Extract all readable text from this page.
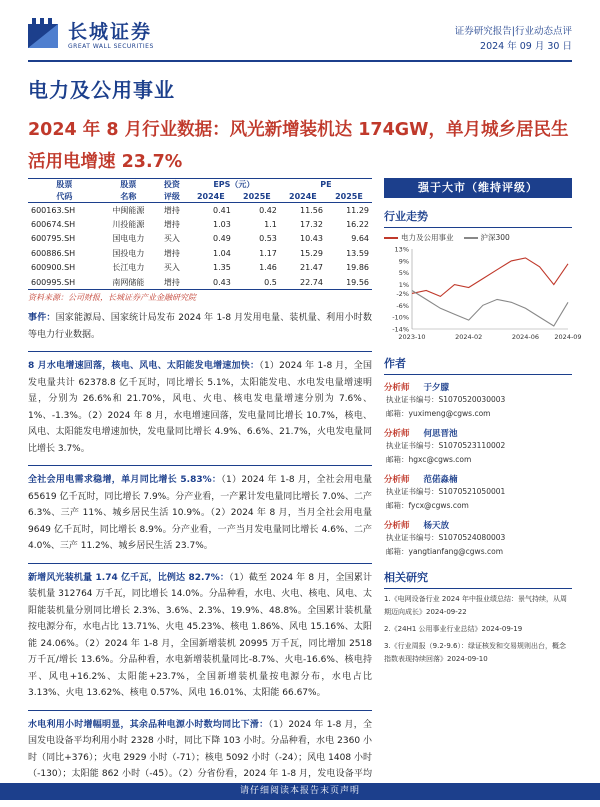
长城证券
GREAT WALL SECURITIES
证券研究报告|行业动态点评
2024 年 09 月 30 日
电力及公用事业
2024 年 8 月行业数据：风光新增装机达 174GW，单月城乡居民生活用电增速 23.7%
股票	股票	投资	EPS（元）		PE	
代码	名称	评级	2024E	2025E	2024E	2025E
600163.SH	中闽能源	增持	0.41	0.42	11.56	11.29
600674.SH	川投能源	增持	1.03	1.1	17.32	16.22
600795.SH	国电电力	买入	0.49	0.53	10.43	9.64
600886.SH	国投电力	增持	1.04	1.17	15.29	13.59
600900.SH	长江电力	买入	1.35	1.46	21.47	19.86
600995.SH	南网储能	增持	0.43	0.5	22.74	19.56
资料来源：公司财报，长城证券产业金融研究院

事件：国家能源局、国家统计局发布 2024 年 1-8 月发用电量、装机量、利用小时数等电力行业数据。

8 月水电增速回落，核电、风电、太阳能发电增速加快：（1）2024 年 1-8 月，全国发电量共计 62378.8 亿千瓦时，同比增长 5.1%，太阳能发电、水电发电量增速明显，分别为 26.6%和 21.70%，风电、火电、核电发电量增速分别为 7.6%、1%、-1.3%。（2）2024 年 8 月，水电增速回落，发电量同比增长 10.7%，核电、风电、太阳能发电增速加快，发电量同比增长 4.9%、6.6%、21.7%，火电发电量同比增长 3.7%。

全社会用电需求稳增，单月同比增长 5.83%：（1）2024 年 1-8 月，全社会用电量 65619 亿千瓦时，同比增长 7.9%。分产业看，一产累计发电量同比增长 7.0%、二产 6.3%、三产 11%、城乡居民生活 10.9%。（2）2024 年 8 月，当月全社会用电量 9649 亿千瓦时，同比增长 8.9%。分产业看，一产当月发电量同比增长 4.6%、二产 4.0%、三产 11.2%、城乡居民生活 23.7%。

新增风光装机量 1.74 亿千瓦，比例达 82.7%：（1）截至 2024 年 8 月，全国累计装机量 312764 万千瓦，同比增长 14.0%。分品种看，水电、火电、核电、风电、太阳能装机量分别同比增长 2.3%、3.6%、2.3%、19.9%、48.8%。全国累计装机量按电源分布，水电占比 13.71%、火电 45.23%、核电 1.86%、风电 15.16%、太阳能 24.06%。（2）2024 年 1-8 月，全国新增装机 20995 万千瓦，同比增加 2518 万千瓦/增长 13.6%。分品种看，水电新增装机量同比-8.7%、火电-16.6%、核电持平、风电+16.2%、太阳能+23.7%，全国新增装机量按电源分布，水电占比 3.13%、火电 13.62%、核电 0.57%、风电 16.01%、太阳能 66.67%。

水电利用小时增幅明显，其余品种电源小时数均同比下滑：（1）2024 年 1-8 月，全国发电设备平均利用小时 2328 小时，同比下降 103 小时。分品种看，水电 2360 小时（同比+376）；火电 2929 小时（-71）；核电 5092 小时（-24）；风电 1408 小时（-130）；太阳能 862 小时（-45）。（2）分省份看，2024 年 1-8 月，发电设备平均

强于大市（维持评级）
行业走势
电力及公用事业	沪深300
13%
9%
5%
1%
-2%
-6%
-10%
-14%
2023-10	2024-02	2024-06 2024-09
作者
分析师 于夕朦
执业证书编号：S1070520030003
邮箱：yuximeng@cgws.com
分析师 何思晋池
执业证书编号：S1070523110002
邮箱：hgxc@cgws.com
分析师 范偌淼楠
执业证书编号：S1070521050001
邮箱：fycx@cgws.com
分析师 杨天放
执业证书编号：S1070524080003
邮箱：yangtianfang@cgws.com
相关研究
1.《电网设备行业 2024 年中报业绩总结：景气持续，从周期迈向成长》2024-09-22
2.《24H1 公用事业行业总结》2024-09-19
3.《行业周报（9.2-9.6）：绿证核发和交易规则出台，概念指数表现持续回落》2024-09-10
请仔细阅读本报告末页声明
